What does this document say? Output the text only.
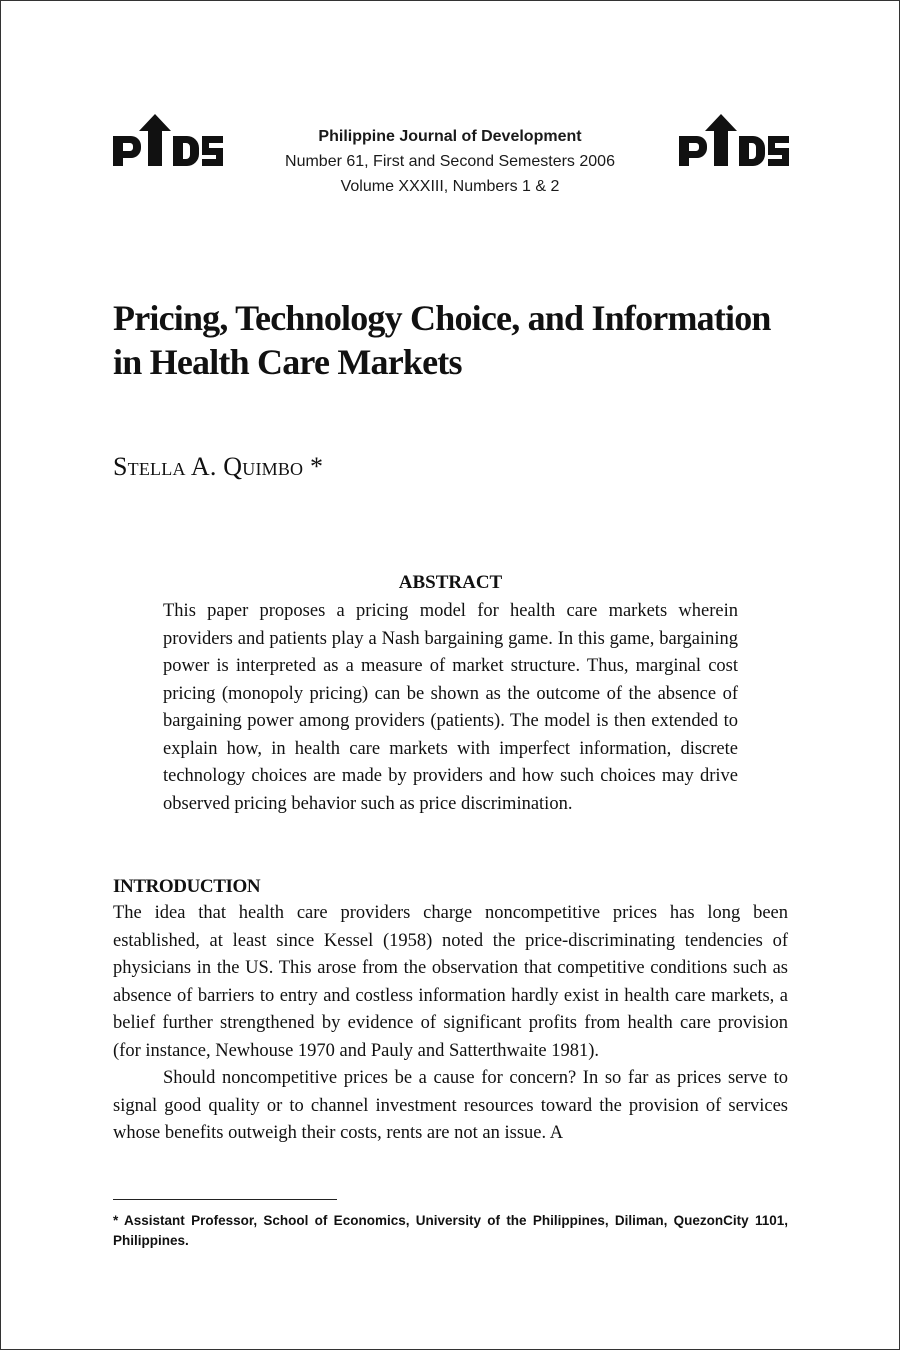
Philippine Journal of Development
Number 61, First and Second Semesters 2006
Volume XXXIII, Numbers 1 & 2
Pricing, Technology Choice, and Information
in Health Care Markets

Stella A. Quimbo *

ABSTRACT

This paper proposes a pricing model for health care markets wherein providers and patients play a Nash bargaining game. In this game, bargaining power is interpreted as a measure of market structure. Thus, marginal cost pricing (monopoly pricing) can be shown as the outcome of the absence of bargaining power among providers (patients). The model is then extended to explain how, in health care markets with imperfect information, discrete technology choices are made by providers and how such choices may drive observed pricing behavior such as price discrimination.

INTRODUCTION

The idea that health care providers charge noncompetitive prices has long been established, at least since Kessel (1958) noted the price-discriminating tendencies of physicians in the US. This arose from the observation that competitive conditions such as absence of barriers to entry and costless information hardly exist in health care markets, a belief further strengthened by evidence of significant profits from health care provision (for instance, Newhouse 1970 and Pauly and Satterthwaite 1981).

Should noncompetitive prices be a cause for concern? In so far as prices serve to signal good quality or to channel investment resources toward the provision of services whose benefits outweigh their costs, rents are not an issue. A

* Assistant Professor, School of Economics, University of the Philippines, Diliman, QuezonCity 1101, Philippines.
